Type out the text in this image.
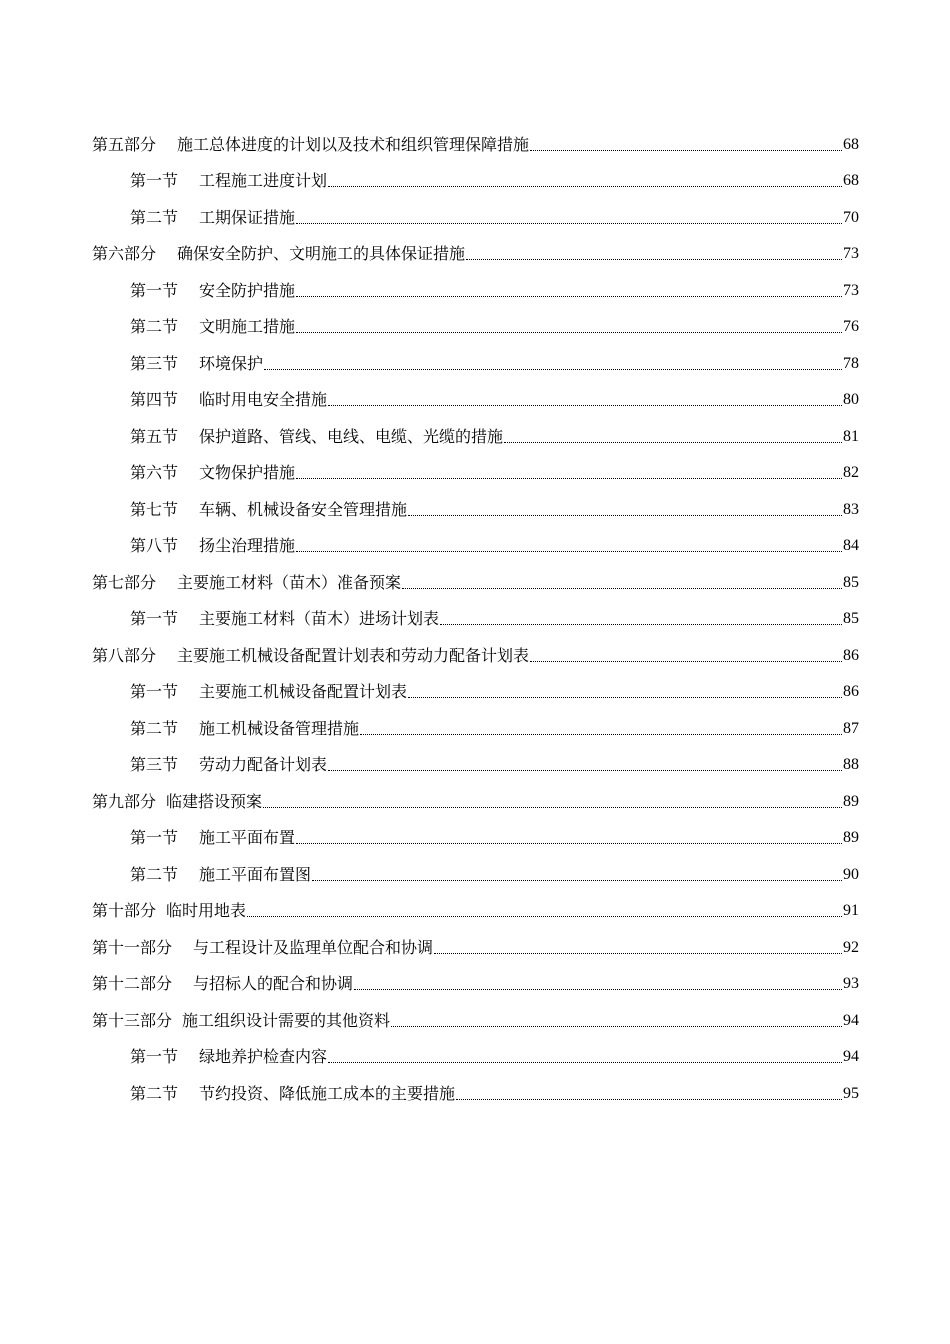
第五部分 施工总体进度的计划以及技术和组织管理保障措施	68
第一节 工程施工进度计划	68
第二节 工期保证措施	70
第六部分 确保安全防护、文明施工的具体保证措施	73
第一节 安全防护措施	73
第二节 文明施工措施	76
第三节 环境保护	78
第四节 临时用电安全措施	80
第五节 保护道路、管线、电线、电缆、光缆的措施	81
第六节 文物保护措施	82
第七节 车辆、机械设备安全管理措施	83
第八节 扬尘治理措施	84
第七部分 主要施工材料（苗木）准备预案	85
第一节 主要施工材料（苗木）进场计划表	85
第八部分 主要施工机械设备配置计划表和劳动力配备计划表	86
第一节 主要施工机械设备配置计划表	86
第二节 施工机械设备管理措施	87
第三节 劳动力配备计划表	88
第九部分 临建搭设预案	89
第一节 施工平面布置	89
第二节 施工平面布置图	90
第十部分 临时用地表	91
第十一部分 与工程设计及监理单位配合和协调	92
第十二部分 与招标人的配合和协调	93
第十三部分 施工组织设计需要的其他资料	94
第一节 绿地养护检查内容	94
第二节 节约投资、降低施工成本的主要措施	95
